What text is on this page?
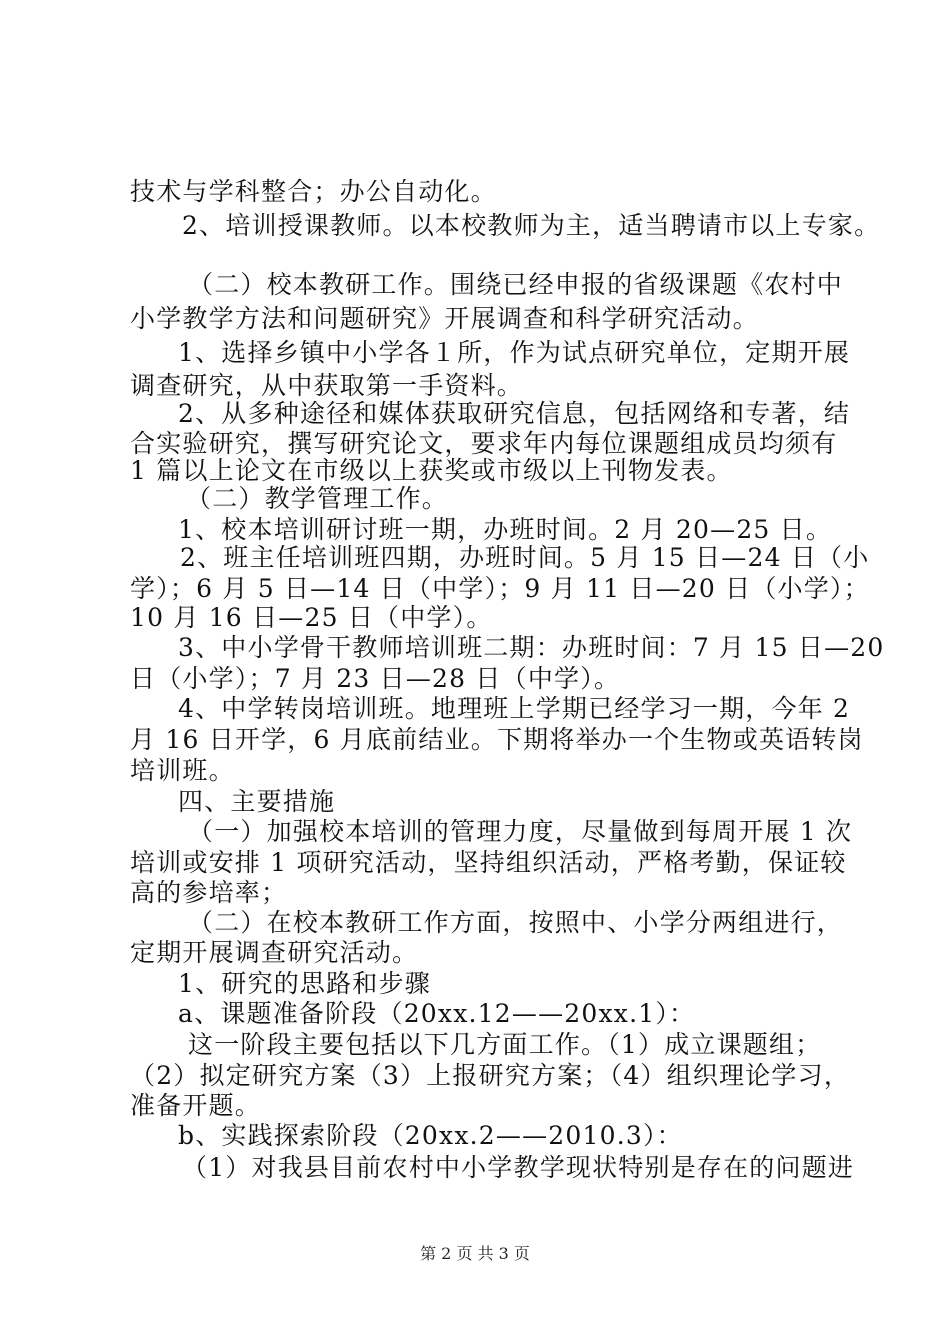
技术与学科整合；办公自动化。
2、培训授课教师。以本校教师为主，适当聘请市以上专家。
（二）校本教研工作。围绕已经申报的省级课题《农村中
小学教学方法和问题研究》开展调查和科学研究活动。
1、选择乡镇中小学各１所，作为试点研究单位，定期开展
调查研究，从中获取第一手资料。
2、从多种途径和媒体获取研究信息，包括网络和专著，结
合实验研究，撰写研究论文，要求年内每位课题组成员均须有
1 篇以上论文在市级以上获奖或市级以上刊物发表。
（二）教学管理工作。
1、校本培训研讨班一期，办班时间。2 月 20—25 日。
2、班主任培训班四期，办班时间。5 月 15 日—24 日（小
学）；6 月 5 日—14 日（中学）；9 月 11 日—20 日（小学）；
10 月 16 日—25 日（中学）。
3、中小学骨干教师培训班二期：办班时间：7 月 15 日—20
日（小学）；7 月 23 日—28 日（中学）。
4、中学转岗培训班。地理班上学期已经学习一期，今年 2
月 16 日开学，6 月底前结业。下期将举办一个生物或英语转岗
培训班。
四、主要措施
（一）加强校本培训的管理力度，尽量做到每周开展 1 次
培训或安排 1 项研究活动，坚持组织活动，严格考勤，保证较
高的参培率；
（二）在校本教研工作方面，按照中、小学分两组进行，
定期开展调查研究活动。
1、研究的思路和步骤
a、课题准备阶段（20xx.12——20xx.1）：
这一阶段主要包括以下几方面工作。（1）成立课题组；
（2）拟定研究方案（3）上报研究方案；（4）组织理论学习，
准备开题。
b、实践探索阶段（20xx.2——2010.3）：
（1）对我县目前农村中小学教学现状特别是存在的问题进
第 2 页 共 3 页
